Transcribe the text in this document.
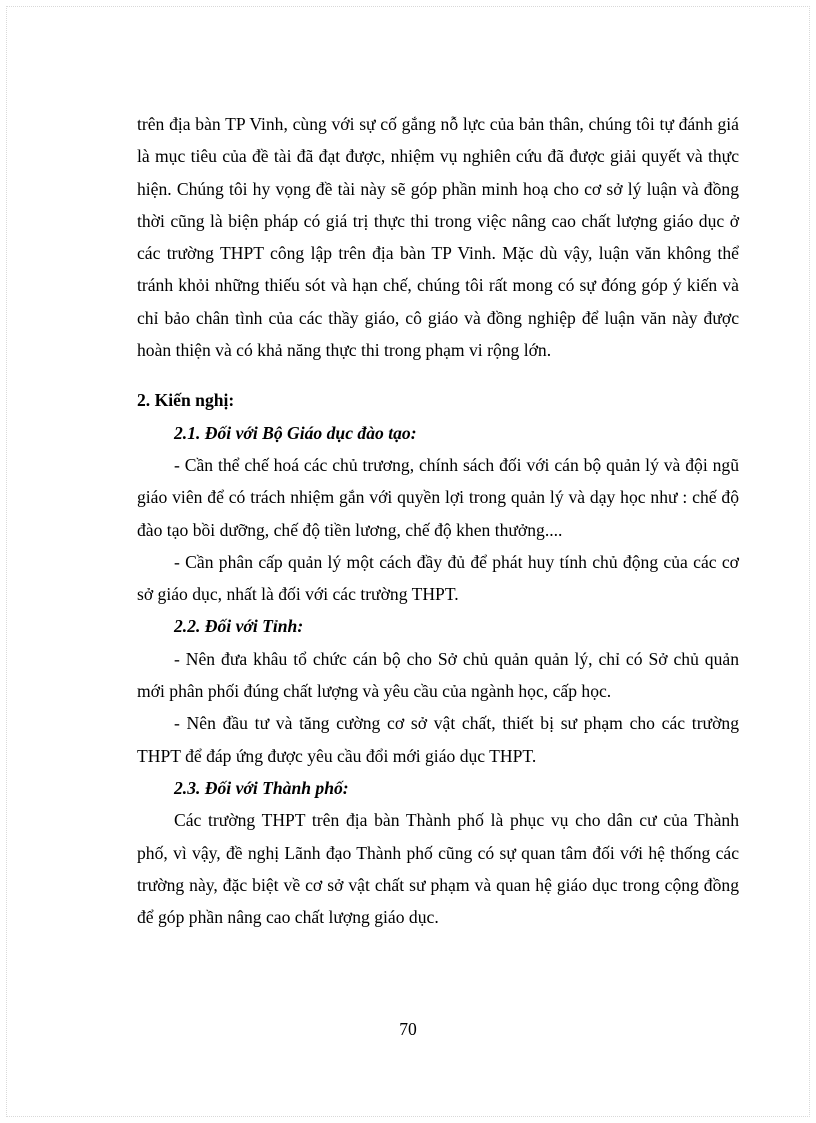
trên địa bàn TP Vinh, cùng với sự cố gắng nỗ lực của bản thân, chúng tôi tự đánh giá là mục tiêu của đề tài đã đạt được, nhiệm vụ nghiên cứu đã được giải quyết và thực hiện. Chúng tôi hy vọng đề tài này sẽ góp phần minh hoạ cho cơ sở lý luận và đồng thời cũng là biện pháp có giá trị thực thi trong việc nâng cao chất lượng giáo dục ở các trường THPT công lập trên địa bàn TP Vinh. Mặc dù vậy, luận văn không thể tránh khỏi những thiếu sót và hạn chế, chúng tôi rất mong có sự đóng góp ý kiến và chỉ bảo chân tình của các thầy giáo, cô giáo và đồng nghiệp để luận văn này được hoàn thiện và có khả năng thực thi trong phạm vi rộng lớn.

2. Kiến nghị:

2.1. Đối với Bộ Giáo dục đào tạo:

- Cần thể chế hoá các chủ trương, chính sách đối với cán bộ quản lý và đội ngũ giáo viên để có trách nhiệm gắn với quyền lợi trong quản lý và dạy học như : chế độ đào tạo bồi dưỡng, chế độ tiền lương, chế độ khen thưởng....

- Cần phân cấp quản lý một cách đầy đủ để phát huy tính chủ động của các cơ sở giáo dục, nhất là đối với các trường THPT.

2.2. Đối với Tỉnh:

- Nên đưa khâu tổ chức cán bộ cho Sở chủ quản quản lý, chỉ có Sở chủ quản mới phân phối đúng chất lượng và yêu cầu của ngành học, cấp học.

- Nên đầu tư và tăng cường cơ sở vật chất, thiết bị sư phạm cho các trường THPT để đáp ứng được yêu cầu đổi mới giáo dục THPT.

2.3. Đối với Thành phố:

Các trường THPT trên địa bàn Thành phố là phục vụ cho dân cư của Thành phố, vì vậy, đề nghị Lãnh đạo Thành phố cũng có sự quan tâm đối với hệ thống các trường này, đặc biệt về cơ sở vật chất sư phạm và quan hệ giáo dục trong cộng đồng để góp phần nâng cao chất lượng giáo dục.

70
